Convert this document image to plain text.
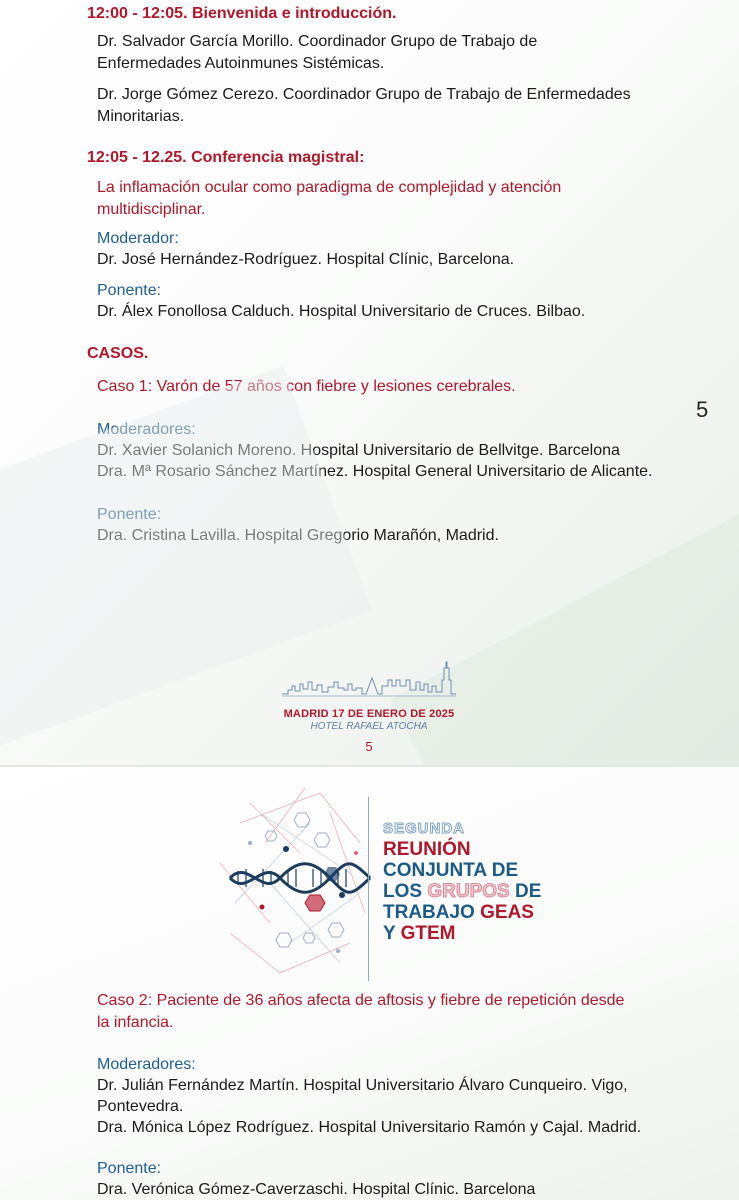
12:00 - 12:05. Bienvenida e introducción.

Dr. Salvador García Morillo. Coordinador Grupo de Trabajo de

Enfermedades Autoinmunes Sistémicas.

Dr. Jorge Gómez Cerezo. Coordinador Grupo de Trabajo de Enfermedades

Minoritarias.

12:05 - 12.25. Conferencia magistral:

La inflamación ocular como paradigma de complejidad y atención

multidisciplinar.

Moderador:

Dr. José Hernández-Rodríguez. Hospital Clínic, Barcelona.

Ponente:

Dr. Álex Fonollosa Calduch. Hospital Universitario de Cruces. Bilbao.

CASOS.

Caso 1: Varón de 57 años con fiebre y lesiones cerebrales.

Moderadores:

Dr. Xavier Solanich Moreno. Hospital Universitario de Bellvitge. Barcelona

Dra. Mª Rosario Sánchez Martínez. Hospital General Universitario de Alicante.

Ponente:

Dra. Cristina Lavilla. Hospital Gregorio Marañón, Madrid.

5
MADRID 17 DE ENERO DE 2025
HOTEL RAFAEL ATOCHA
5
SEGUNDA
REUNIÓN
CONJUNTA DE
LOS GRUPOS DE
TRABAJO GEAS
Y GTEM

Caso 2: Paciente de 36 años afecta de aftosis y fiebre de repetición desde

la infancia.

Moderadores:

Dr. Julián Fernández Martín. Hospital Universitario Álvaro Cunqueiro. Vigo,

Pontevedra.

Dra. Mónica López Rodríguez. Hospital Universitario Ramón y Cajal. Madrid.

Ponente:

Dra. Verónica Gómez-Caverzaschi. Hospital Clínic. Barcelona
